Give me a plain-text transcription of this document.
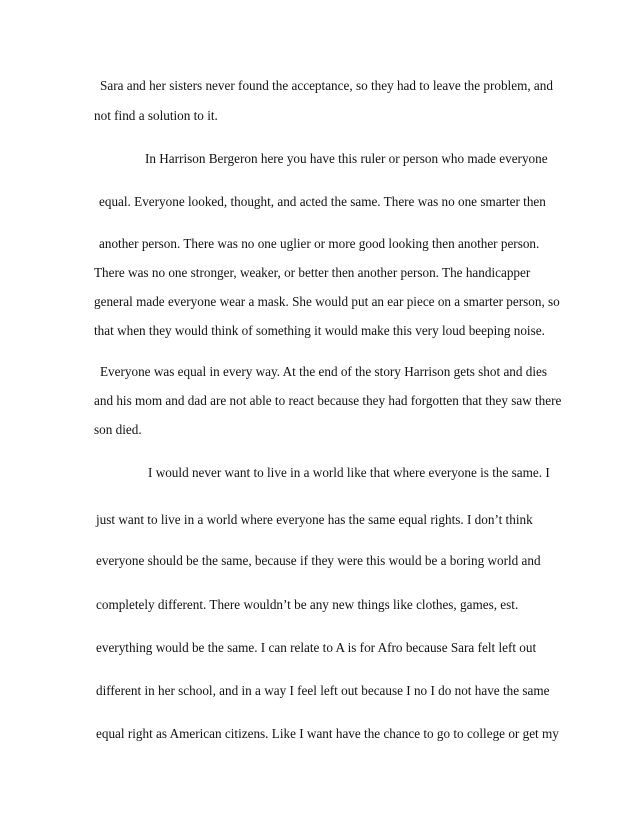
Sara and her sisters never found the acceptance, so they had to leave the problem, and
not find a solution to it.
In Harrison Bergeron here you have this ruler or person who made everyone
equal. Everyone looked, thought, and acted the same. There was no one smarter then
another person. There was no one uglier or more good looking then another person.
There was no one stronger, weaker, or better then another person. The handicapper
general made everyone wear a mask. She would put an ear piece on a smarter person, so
that when they would think of something it would make this very loud beeping noise.
Everyone was equal in every way. At the end of the story Harrison gets shot and dies
and his mom and dad are not able to react because they had forgotten that they saw there
son died.
I would never want to live in a world like that where everyone is the same. I
just want to live in a world where everyone has the same equal rights. I don’t think
everyone should be the same, because if they were this would be a boring world and
completely different. There wouldn’t be any new things like clothes, games, est.
everything would be the same. I can relate to A is for Afro because Sara felt left out
different in her school, and in a way I feel left out because I no I do not have the same
equal right as American citizens. Like I want have the chance to go to college or get my
